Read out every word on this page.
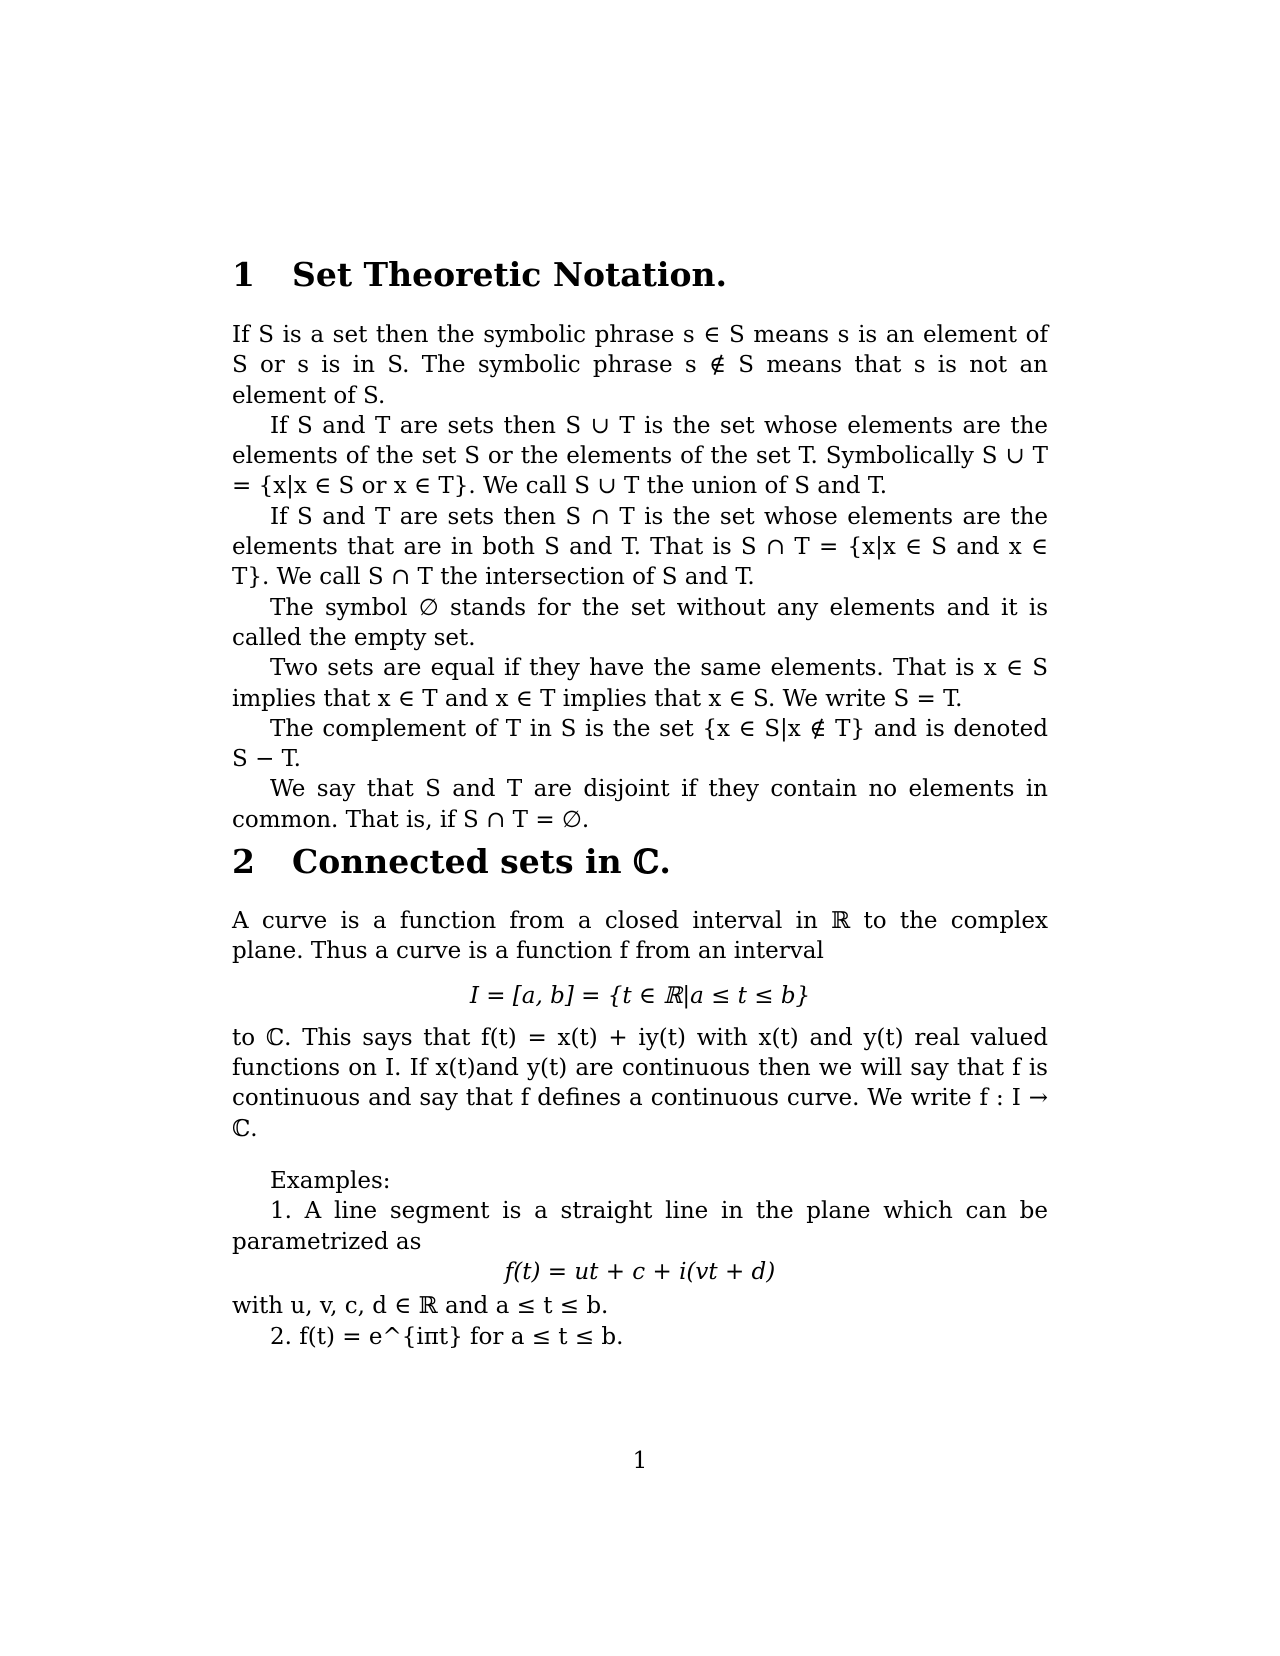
1 Set Theoretic Notation.

If S is a set then the symbolic phrase s ∈ S means s is an element of S or s is in S. The symbolic phrase s ∉ S means that s is not an element of S.

If S and T are sets then S ∪ T is the set whose elements are the elements of the set S or the elements of the set T. Symbolically S ∪ T = {x|x ∈ S or x ∈ T}. We call S ∪ T the union of S and T.

If S and T are sets then S ∩ T is the set whose elements are the elements that are in both S and T. That is S ∩ T = {x|x ∈ S and x ∈ T}. We call S ∩ T the intersection of S and T.

The symbol ∅ stands for the set without any elements and it is called the empty set.

Two sets are equal if they have the same elements. That is x ∈ S implies that x ∈ T and x ∈ T implies that x ∈ S. We write S = T.

The complement of T in S is the set {x ∈ S|x ∉ T} and is denoted S − T.

We say that S and T are disjoint if they contain no elements in common. That is, if S ∩ T = ∅.

2 Connected sets in ℂ.

A curve is a function from a closed interval in ℝ to the complex plane. Thus a curve is a function f from an interval

I = [a, b] = {t ∈ ℝ|a ≤ t ≤ b}

to ℂ. This says that f(t) = x(t) + iy(t) with x(t) and y(t) real valued functions on I. If x(t)and y(t) are continuous then we will say that f is continuous and say that f defines a continuous curve. We write f : I → ℂ.

Examples:

1. A line segment is a straight line in the plane which can be parametrized as

f(t) = ut + c + i(vt + d)

with u, v, c, d ∈ ℝ and a ≤ t ≤ b.

2. f(t) = e^{iπt} for a ≤ t ≤ b.

1
